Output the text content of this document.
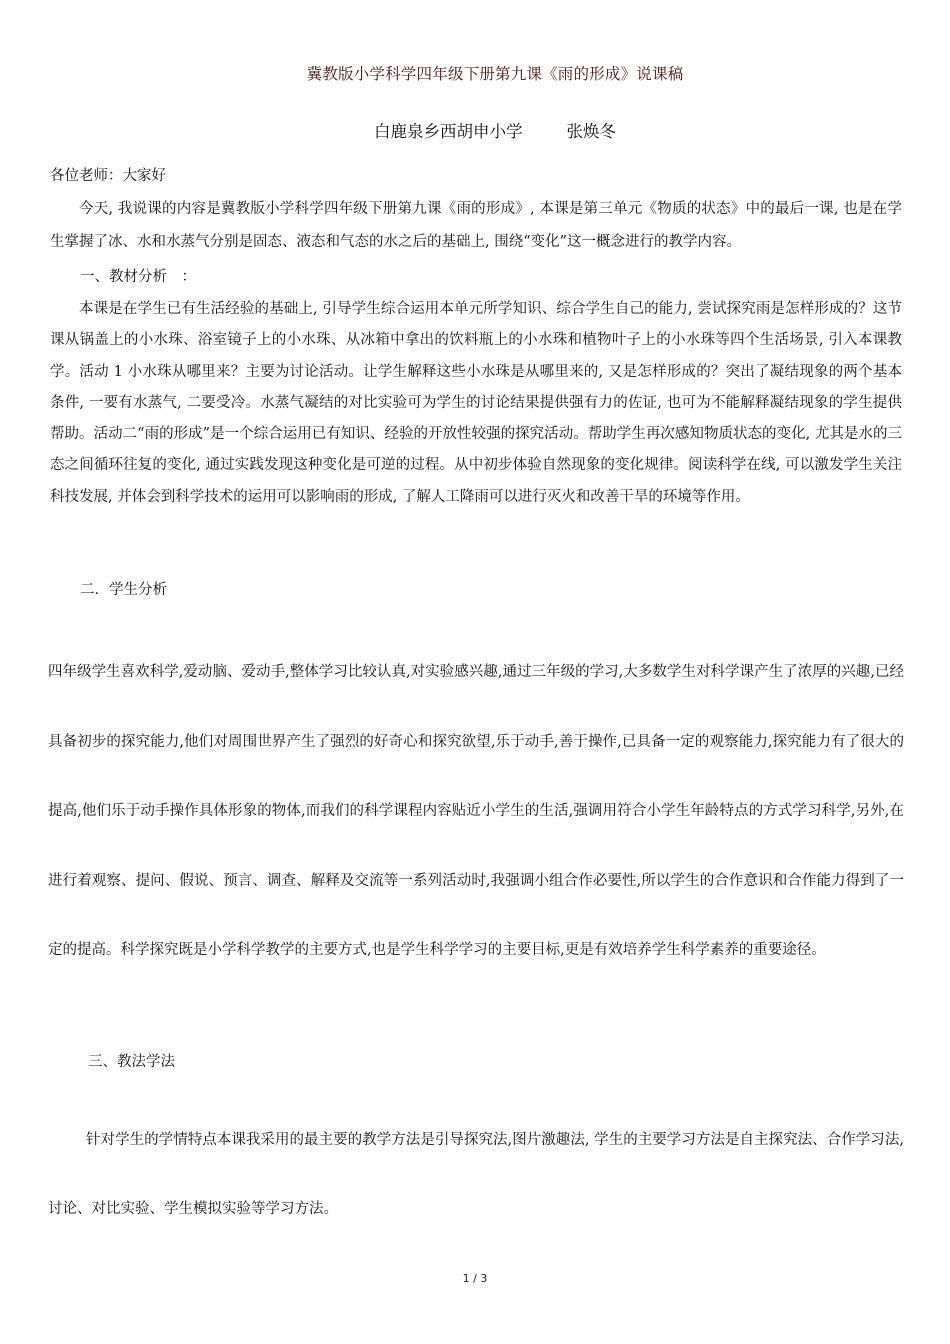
冀教版小学科学四年级下册第九课《雨的形成》说课稿
白鹿泉乡西胡申小学	张焕冬
各位老师：大家好

今天, 我说课的内容是冀教版小学科学四年级下册第九课《雨的形成》, 本课是第三单元《物质的状态》中的最后一课, 也是在学生掌握了冰、水和水蒸气分别是固态、液态和气态的水之后的基础上, 围绕“变化”这一概念进行的教学内容。

一、教材分析　：

本课是在学生已有生活经验的基础上, 引导学生综合运用本单元所学知识、综合学生自己的能力, 尝试探究雨是怎样形成的？这节课从锅盖上的小水珠、浴室镜子上的小水珠、从冰箱中拿出的饮料瓶上的小水珠和植物叶子上的小水珠等四个生活场景, 引入本课教学。活动 1 小水珠从哪里来？主要为讨论活动。让学生解释这些小水珠是从哪里来的, 又是怎样形成的？突出了凝结现象的两个基本条件, 一要有水蒸气, 二要受冷。水蒸气凝结的对比实验可为学生的讨论结果提供强有力的佐证, 也可为不能解释凝结现象的学生提供帮助。活动二“雨的形成”是一个综合运用已有知识、经验的开放性较强的探究活动。帮助学生再次感知物质状态的变化, 尤其是水的三态之间循环往复的变化, 通过实践发现这种变化是可逆的过程。从中初步体验自然现象的变化规律。阅读科学在线, 可以激发学生关注科技发展, 并体会到科学技术的运用可以影响雨的形成, 了解人工降雨可以进行灭火和改善干旱的环境等作用。

二．学生分析

四年级学生喜欢科学,爱动脑、爱动手,整体学习比较认真,对实验感兴趣,通过三年级的学习,大多数学生对科学课产生了浓厚的兴趣,已经具备初步的探究能力,他们对周围世界产生了强烈的好奇心和探究欲望,乐于动手,善于操作,已具备一定的观察能力,探究能力有了很大的提高,他们乐于动手操作具体形象的物体,而我们的科学课程内容贴近小学生的生活,强调用符合小学生年龄特点的方式学习科学,另外,在进行着观察、提问、假说、预言、调查、解释及交流等一系列活动时,我强调小组合作必要性,所以学生的合作意识和合作能力得到了一定的提高。科学探究既是小学科学教学的主要方式,也是学生科学学习的主要目标,更是有效培养学生科学素养的重要途径。

三、教法学法

针对学生的学情特点本课我采用的最主要的教学方法是引导探究法,图片激趣法, 学生的主要学习方法是自主探究法、合作学习法,讨论、对比实验、学生模拟实验等学习方法。

1 / 3
